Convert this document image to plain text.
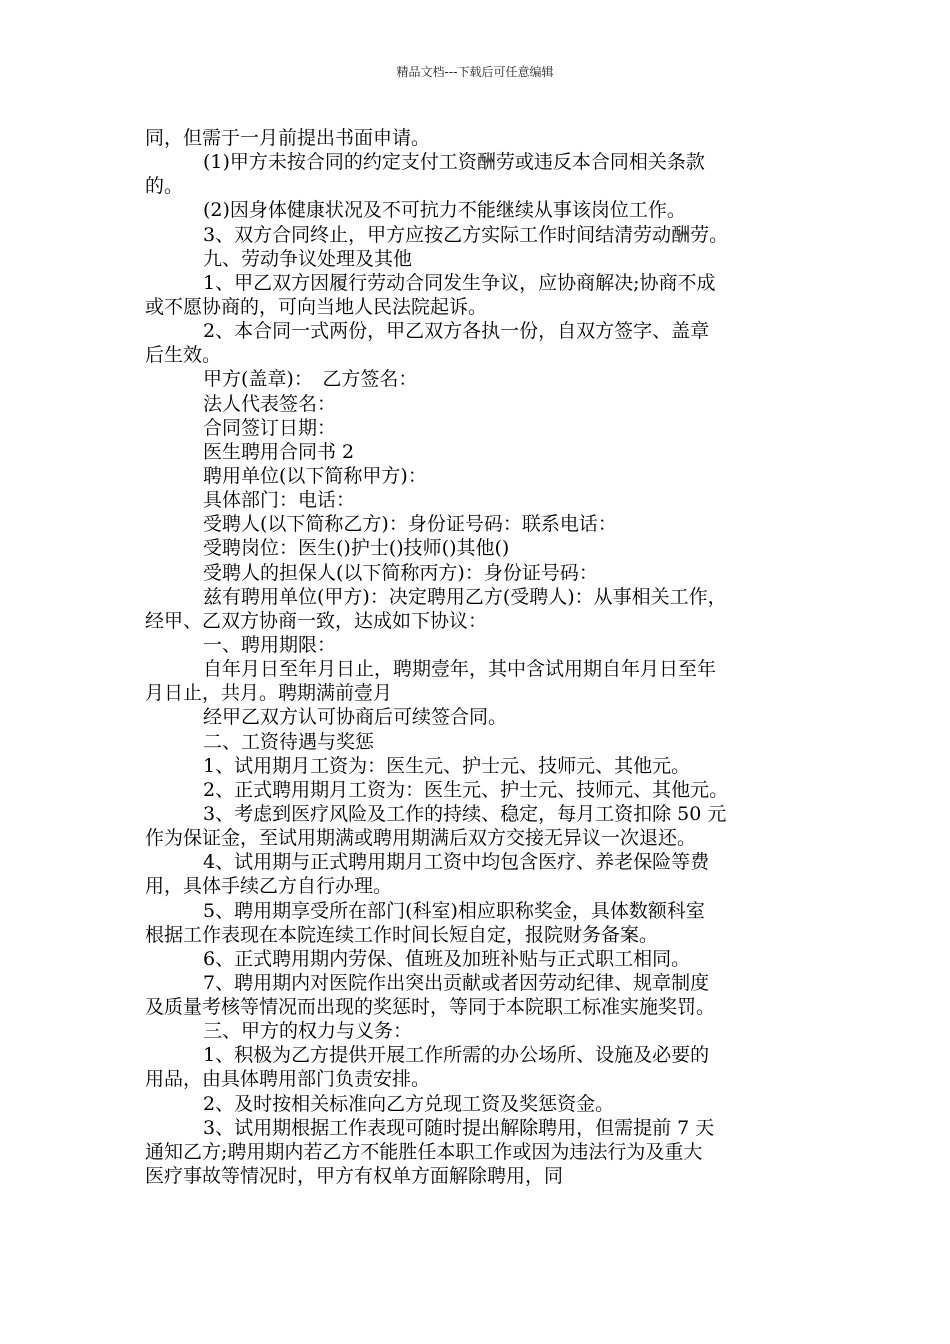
精品文档---下载后可任意编辑
同，但需于一月前提出书面申请。
(1)甲方未按合同的约定支付工资酬劳或违反本合同相关条款
的。
(2)因身体健康状况及不可抗力不能继续从事该岗位工作。
3、双方合同终止，甲方应按乙方实际工作时间结清劳动酬劳。
九、劳动争议处理及其他
1、甲乙双方因履行劳动合同发生争议，应协商解决;协商不成
或不愿协商的，可向当地人民法院起诉。
2、本合同一式两份，甲乙双方各执一份，自双方签字、盖章
后生效。
甲方(盖章)：　乙方签名：
法人代表签名：
合同签订日期：
医生聘用合同书 2
聘用单位(以下简称甲方)：
具体部门：电话：
受聘人(以下简称乙方)：身份证号码：联系电话：
受聘岗位：医生()护士()技师()其他()
受聘人的担保人(以下简称丙方)：身份证号码：
兹有聘用单位(甲方)：决定聘用乙方(受聘人)：从事相关工作，
经甲、乙双方协商一致，达成如下协议：
一、聘用期限：
自年月日至年月日止，聘期壹年，其中含试用期自年月日至年
月日止，共月。聘期满前壹月
经甲乙双方认可协商后可续签合同。
二、工资待遇与奖惩
1、试用期月工资为：医生元、护士元、技师元、其他元。
2、正式聘用期月工资为：医生元、护士元、技师元、其他元。
3、考虑到医疗风险及工作的持续、稳定，每月工资扣除 50 元
作为保证金，至试用期满或聘用期满后双方交接无异议一次退还。
4、试用期与正式聘用期月工资中均包含医疗、养老保险等费
用，具体手续乙方自行办理。
5、聘用期享受所在部门(科室)相应职称奖金，具体数额科室
根据工作表现在本院连续工作时间长短自定，报院财务备案。
6、正式聘用期内劳保、值班及加班补贴与正式职工相同。
7、聘用期内对医院作出突出贡献或者因劳动纪律、规章制度
及质量考核等情况而出现的奖惩时，等同于本院职工标准实施奖罚。
三、甲方的权力与义务：
1、积极为乙方提供开展工作所需的办公场所、设施及必要的
用品，由具体聘用部门负责安排。
2、及时按相关标准向乙方兑现工资及奖惩资金。
3、试用期根据工作表现可随时提出解除聘用，但需提前 7 天
通知乙方;聘用期内若乙方不能胜任本职工作或因为违法行为及重大
医疗事故等情况时，甲方有权单方面解除聘用，同
